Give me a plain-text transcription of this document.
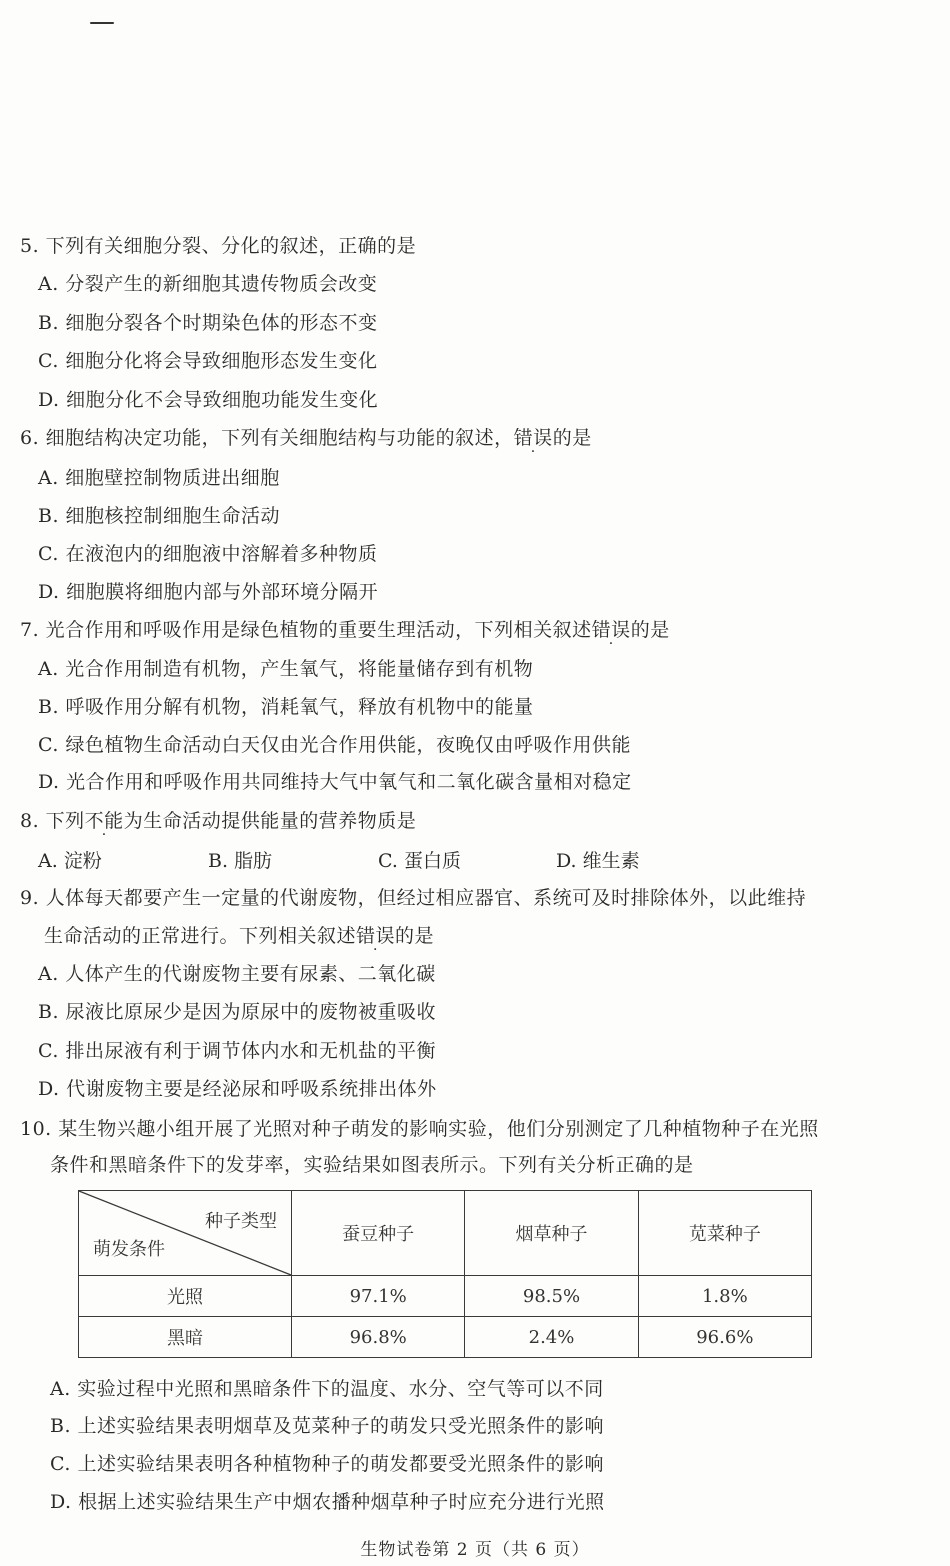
5. 下列有关细胞分裂、分化的叙述，正确的是
A. 分裂产生的新细胞其遗传物质会改变
B. 细胞分裂各个时期染色体的形态不变
C. 细胞分化将会导致细胞形态发生变化
D. 细胞分化不会导致细胞功能发生变化
6. 细胞结构决定功能，下列有关细胞结构与功能的叙述，错误的是
A. 细胞壁控制物质进出细胞
B. 细胞核控制细胞生命活动
C. 在液泡内的细胞液中溶解着多种物质
D. 细胞膜将细胞内部与外部环境分隔开
7. 光合作用和呼吸作用是绿色植物的重要生理活动，下列相关叙述错误的是
A. 光合作用制造有机物，产生氧气，将能量储存到有机物
B. 呼吸作用分解有机物，消耗氧气，释放有机物中的能量
C. 绿色植物生命活动白天仅由光合作用供能，夜晚仅由呼吸作用供能
D. 光合作用和呼吸作用共同维持大气中氧气和二氧化碳含量相对稳定
8. 下列不能为生命活动提供能量的营养物质是
A. 淀粉	B. 脂肪	C. 蛋白质	D. 维生素
9. 人体每天都要产生一定量的代谢废物，但经过相应器官、系统可及时排除体外，以此维持
生命活动的正常进行。下列相关叙述错误的是
A. 人体产生的代谢废物主要有尿素、二氧化碳
B. 尿液比原尿少是因为原尿中的废物被重吸收
C. 排出尿液有利于调节体内水和无机盐的平衡
D. 代谢废物主要是经泌尿和呼吸系统排出体外
10. 某生物兴趣小组开展了光照对种子萌发的影响实验，他们分别测定了几种植物种子在光照
条件和黑暗条件下的发芽率，实验结果如图表所示。下列有关分析正确的是
种子类型
萌发条件	蚕豆种子	烟草种子	苋菜种子
光照	97.1%	98.5%	1.8%
黑暗	96.8%	2.4%	96.6%
A. 实验过程中光照和黑暗条件下的温度、水分、空气等可以不同
B. 上述实验结果表明烟草及苋菜种子的萌发只受光照条件的影响
C. 上述实验结果表明各种植物种子的萌发都要受光照条件的影响
D. 根据上述实验结果生产中烟农播种烟草种子时应充分进行光照
生物试卷第 2 页（共 6 页）
